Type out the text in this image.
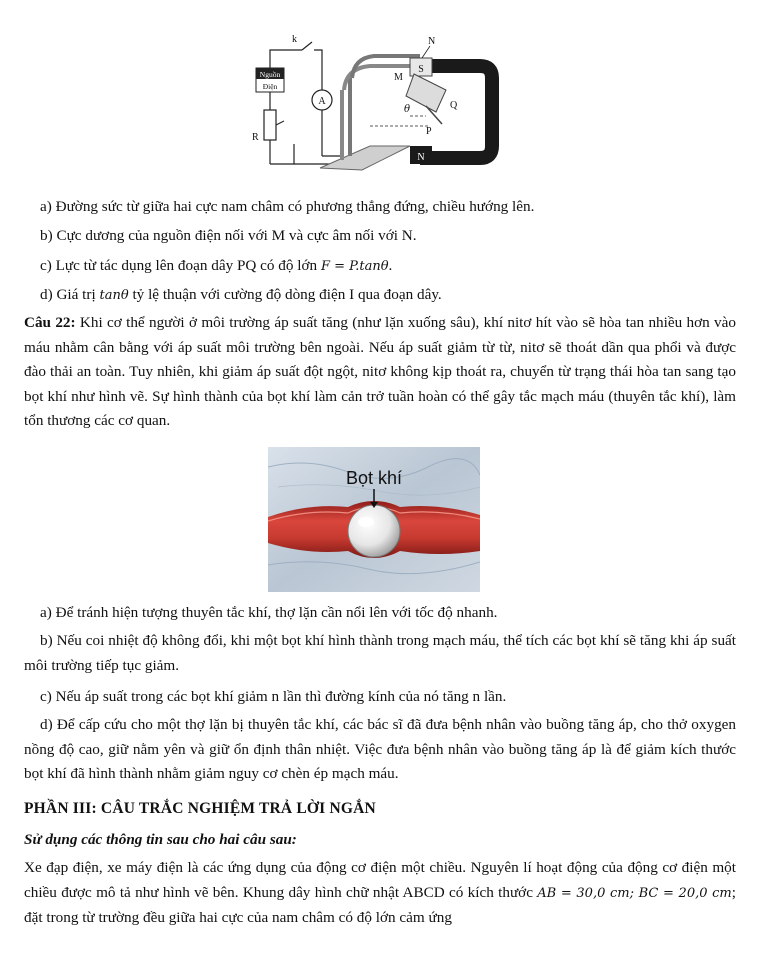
Nguồn
Điện
k
A
R
S
N
N
M
θ	Q
P
a) Đường sức từ giữa hai cực nam châm có phương thẳng đứng, chiều hướng lên.
b) Cực dương của nguồn điện nối với M và cực âm nối với N.
c) Lực từ tác dụng lên đoạn dây PQ có độ lớn F = P.tanθ.
d) Giá trị tanθ tỷ lệ thuận với cường độ dòng điện I qua đoạn dây.
Câu 22: Khi cơ thể người ở môi trường áp suất tăng (như lặn xuống sâu), khí nitơ hít vào sẽ hòa tan nhiều hơn vào máu nhằm cân bằng với áp suất môi trường bên ngoài. Nếu áp suất giảm từ từ, nitơ sẽ thoát dần qua phổi và được đào thải an toàn. Tuy nhiên, khi giảm áp suất đột ngột, nitơ không kịp thoát ra, chuyển từ trạng thái hòa tan sang tạo bọt khí như hình vẽ. Sự hình thành của bọt khí làm cản trở tuần hoàn có thể gây tắc mạch máu (thuyên tắc khí), làm tổn thương các cơ quan.
Bọt khí
a) Để tránh hiện tượng thuyên tắc khí, thợ lặn cần nổi lên với tốc độ nhanh.
b) Nếu coi nhiệt độ không đổi, khi một bọt khí hình thành trong mạch máu, thể tích các bọt khí sẽ tăng khi áp suất môi trường tiếp tục giảm.
c) Nếu áp suất trong các bọt khí giảm n lần thì đường kính của nó tăng n lần.
d) Để cấp cứu cho một thợ lặn bị thuyên tắc khí, các bác sĩ đã đưa bệnh nhân vào buồng tăng áp, cho thở oxygen nồng độ cao, giữ nằm yên và giữ ổn định thân nhiệt. Việc đưa bệnh nhân vào buồng tăng áp là để giảm kích thước bọt khí đã hình thành nhằm giảm nguy cơ chèn ép mạch máu.
PHẦN III: CÂU TRẮC NGHIỆM TRẢ LỜI NGẮN
Sử dụng các thông tin sau cho hai câu sau:
Xe đạp điện, xe máy điện là các ứng dụng của động cơ điện một chiều. Nguyên lí hoạt động của động cơ điện một chiều được mô tả như hình vẽ bên. Khung dây hình chữ nhật ABCD có kích thước AB = 30,0 cm; BC = 20,0 cm; đặt trong từ trường đều giữa hai cực của nam châm có độ lớn cảm ứng
